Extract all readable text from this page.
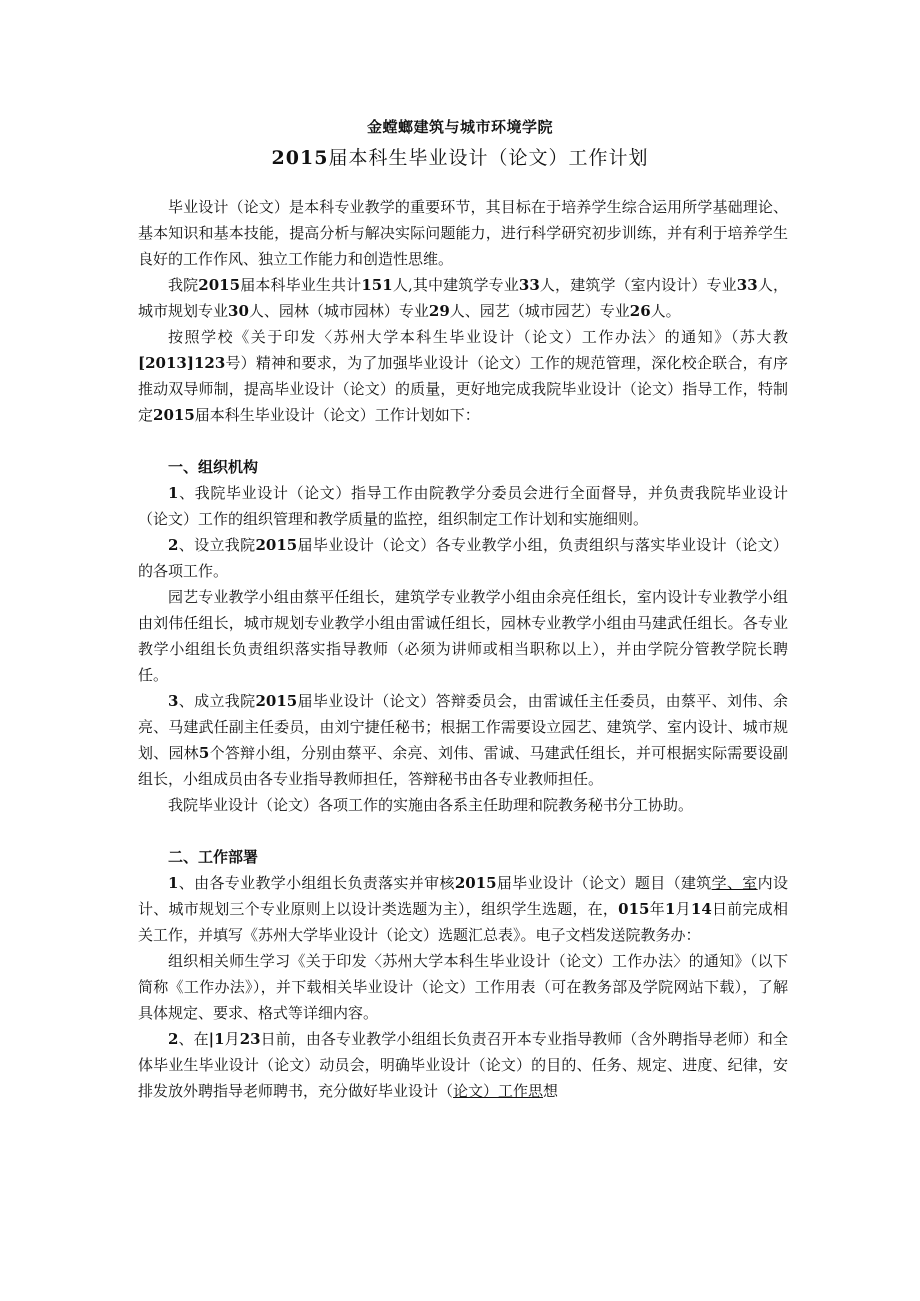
金螳螂建筑与城市环境学院
2015届本科生毕业设计（论文）工作计划

毕业设计（论文）是本科专业教学的重要环节，其目标在于培养学生综合运用所学基础理论、基本知识和基本技能，提高分析与解决实际问题能力，进行科学研究初步训练，并有利于培养学生良好的工作作风、独立工作能力和创造性思维。

我院2015届本科毕业生共计151人,其中建筑学专业33人，建筑学（室内设计）专业33人，城市规划专业30人、园林（城市园林）专业29人、园艺（城市园艺）专业26人。

按照学校《关于印发〈苏州大学本科生毕业设计（论文）工作办法〉的通知》（苏大教[2013]123号）精神和要求，为了加强毕业设计（论文）工作的规范管理，深化校企联合，有序推动双导师制，提高毕业设计（论文）的质量，更好地完成我院毕业设计（论文）指导工作，特制定2015届本科生毕业设计（论文）工作计划如下：

一、组织机构

1、我院毕业设计（论文）指导工作由院教学分委员会进行全面督导，并负责我院毕业设计（论文）工作的组织管理和教学质量的监控，组织制定工作计划和实施细则。

2、设立我院2015届毕业设计（论文）各专业教学小组，负责组织与落实毕业设计（论文）的各项工作。

园艺专业教学小组由蔡平任组长，建筑学专业教学小组由余亮任组长，室内设计专业教学小组由刘伟任组长，城市规划专业教学小组由雷诚任组长，园林专业教学小组由马建武任组长。各专业教学小组组长负责组织落实指导教师（必须为讲师或相当职称以上），并由学院分管教学院长聘任。

3、成立我院2015届毕业设计（论文）答辩委员会，由雷诚任主任委员，由蔡平、刘伟、余亮、马建武任副主任委员，由刘宁捷任秘书；根据工作需要设立园艺、建筑学、室内设计、城市规划、园林5个答辩小组，分别由蔡平、余亮、刘伟、雷诚、马建武任组长，并可根据实际需要设副组长，小组成员由各专业指导教师担任，答辩秘书由各专业教师担任。

我院毕业设计（论文）各项工作的实施由各系主任助理和院教务秘书分工协助。

二、工作部署

1、由各专业教学小组组长负责落实并审核2015届毕业设计（论文）题目（建筑学、室内设计、城市规划三个专业原则上以设计类选题为主），组织学生选题，在，015年1月14日前完成相关工作，并填写《苏州大学毕业设计（论文）选题汇总表》。电子文档发送院教务办：

组织相关师生学习《关于印发〈苏州大学本科生毕业设计（论文）工作办法〉的通知》（以下简称《工作办法》），并下载相关毕业设计（论文）工作用表（可在教务部及学院网站下载），了解具体规定、要求、格式等详细内容。

2、在|1月23日前，由各专业教学小组组长负责召开本专业指导教师（含外聘指导老师）和全体毕业生毕业设计（论文）动员会，明确毕业设计（论文）的目的、任务、规定、进度、纪律，安排发放外聘指导老师聘书，充分做好毕业设计（论文）工作思想
